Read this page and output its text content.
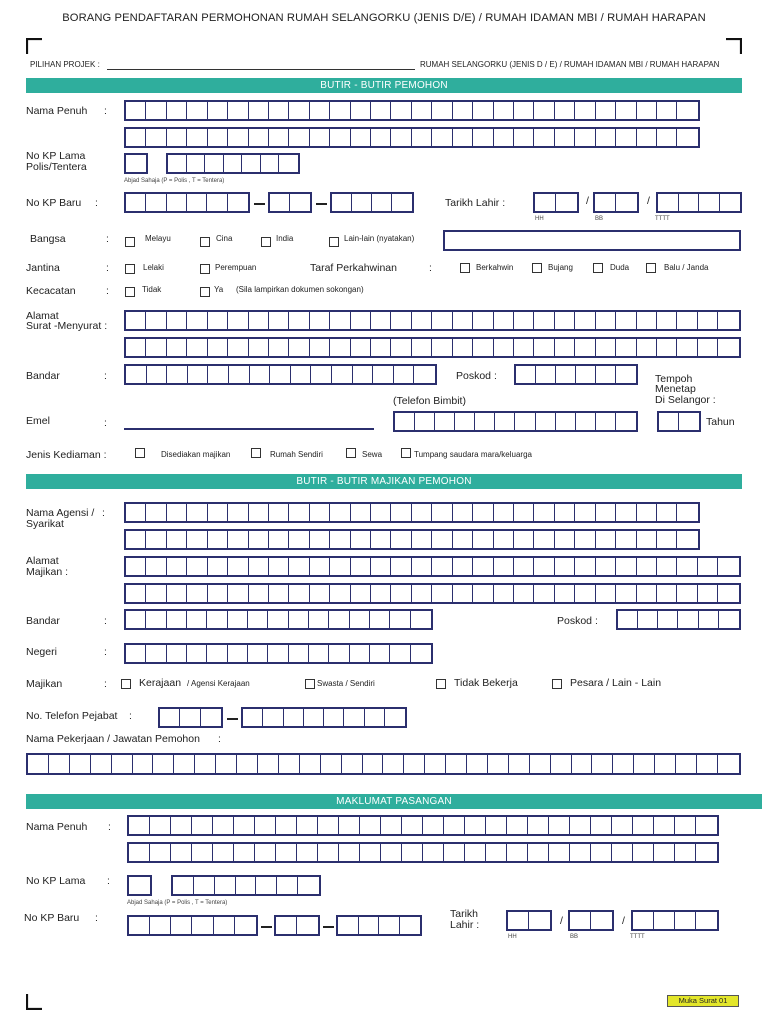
BORANG PENDAFTARAN PERMOHONAN RUMAH SELANGORKU (JENIS D/E) / RUMAH IDAMAN MBI / RUMAH HARAPAN
PILIHAN PROJEK :	RUMAH SELANGORKU (JENIS D / E) / RUMAH IDAMAN MBI / RUMAH HARAPAN
BUTIR - BUTIR PEMOHON
Nama Penuh :
No KP Lama
Polis/Tentera
Abjad Sahaja (P = Polis , T = Tentera)
No KP Baru :	Tarikh Lahir :	/	/
HH	BB	TTTT
Bangsa	:	Melayu	Cina	India	Lain-lain (nyatakan)
Jantina	:	Lelaki	Perempuan	Taraf Perkahwinan	:	Berkahwin	Bujang	Duda	Balu / Janda
Kecacatan	:	Tidak	Ya (Sila lampirkan dokumen sokongan)
Alamat
Surat -Menyurat :
Bandar	:	Poskod :	Tempoh
Menetap
Di Selangor :
Emel	:
(Telefon Bimbit)
Tahun
Jenis Kediaman :	Disediakan majikan	Rumah Sendiri	Sewa	Tumpang saudara mara/keluarga
BUTIR - BUTIR MAJIKAN PEMOHON
Nama Agensi / :
Syarikat
Alamat
Majikan :
Bandar	:	Poskod :
Negeri	:
Majikan	:	Kerajaan / Agensi Kerajaan	Swasta / Sendiri	Tidak Bekerja	Pesara / Lain - Lain
No. Telefon Pejabat :
Nama Pekerjaan / Jawatan Pemohon :
MAKLUMAT PASANGAN
Nama Penuh :
No KP Lama :
Abjad Sahaja (P = Polis , T = Tentera)
No KP Baru :	Tarikh
Lahir :	/	/
HH	BB	TTTT
Muka Surat 01
